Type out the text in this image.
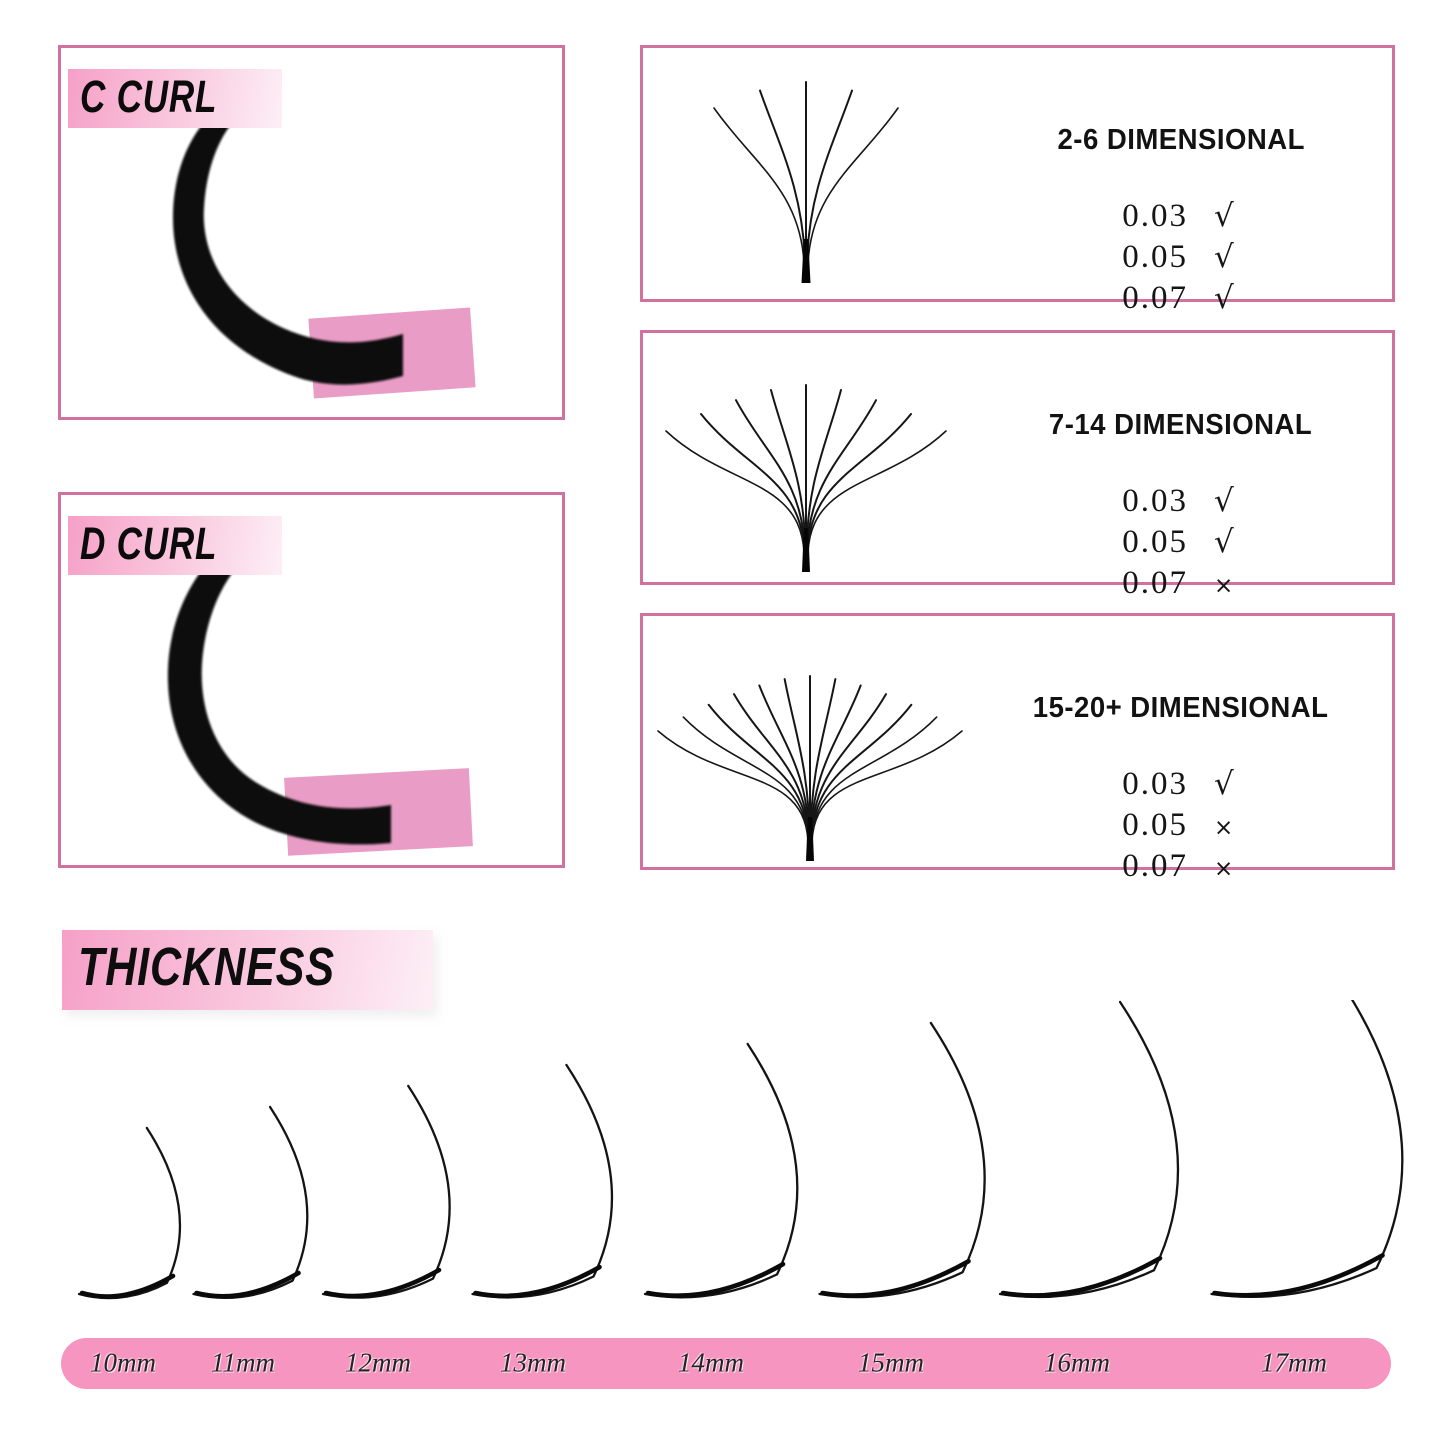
C CURL
D CURL
2-6 DIMENSIONAL
0.03 √
0.05 √
0.07 √
7-14 DIMENSIONAL
0.03 √
0.05 √
0.07 ×
15-20+ DIMENSIONAL
0.03 √
0.05 ×
0.07 ×
THICKNESS
10mm 11mm	12mm	13mm	14mm	15mm	16mm	17mm
